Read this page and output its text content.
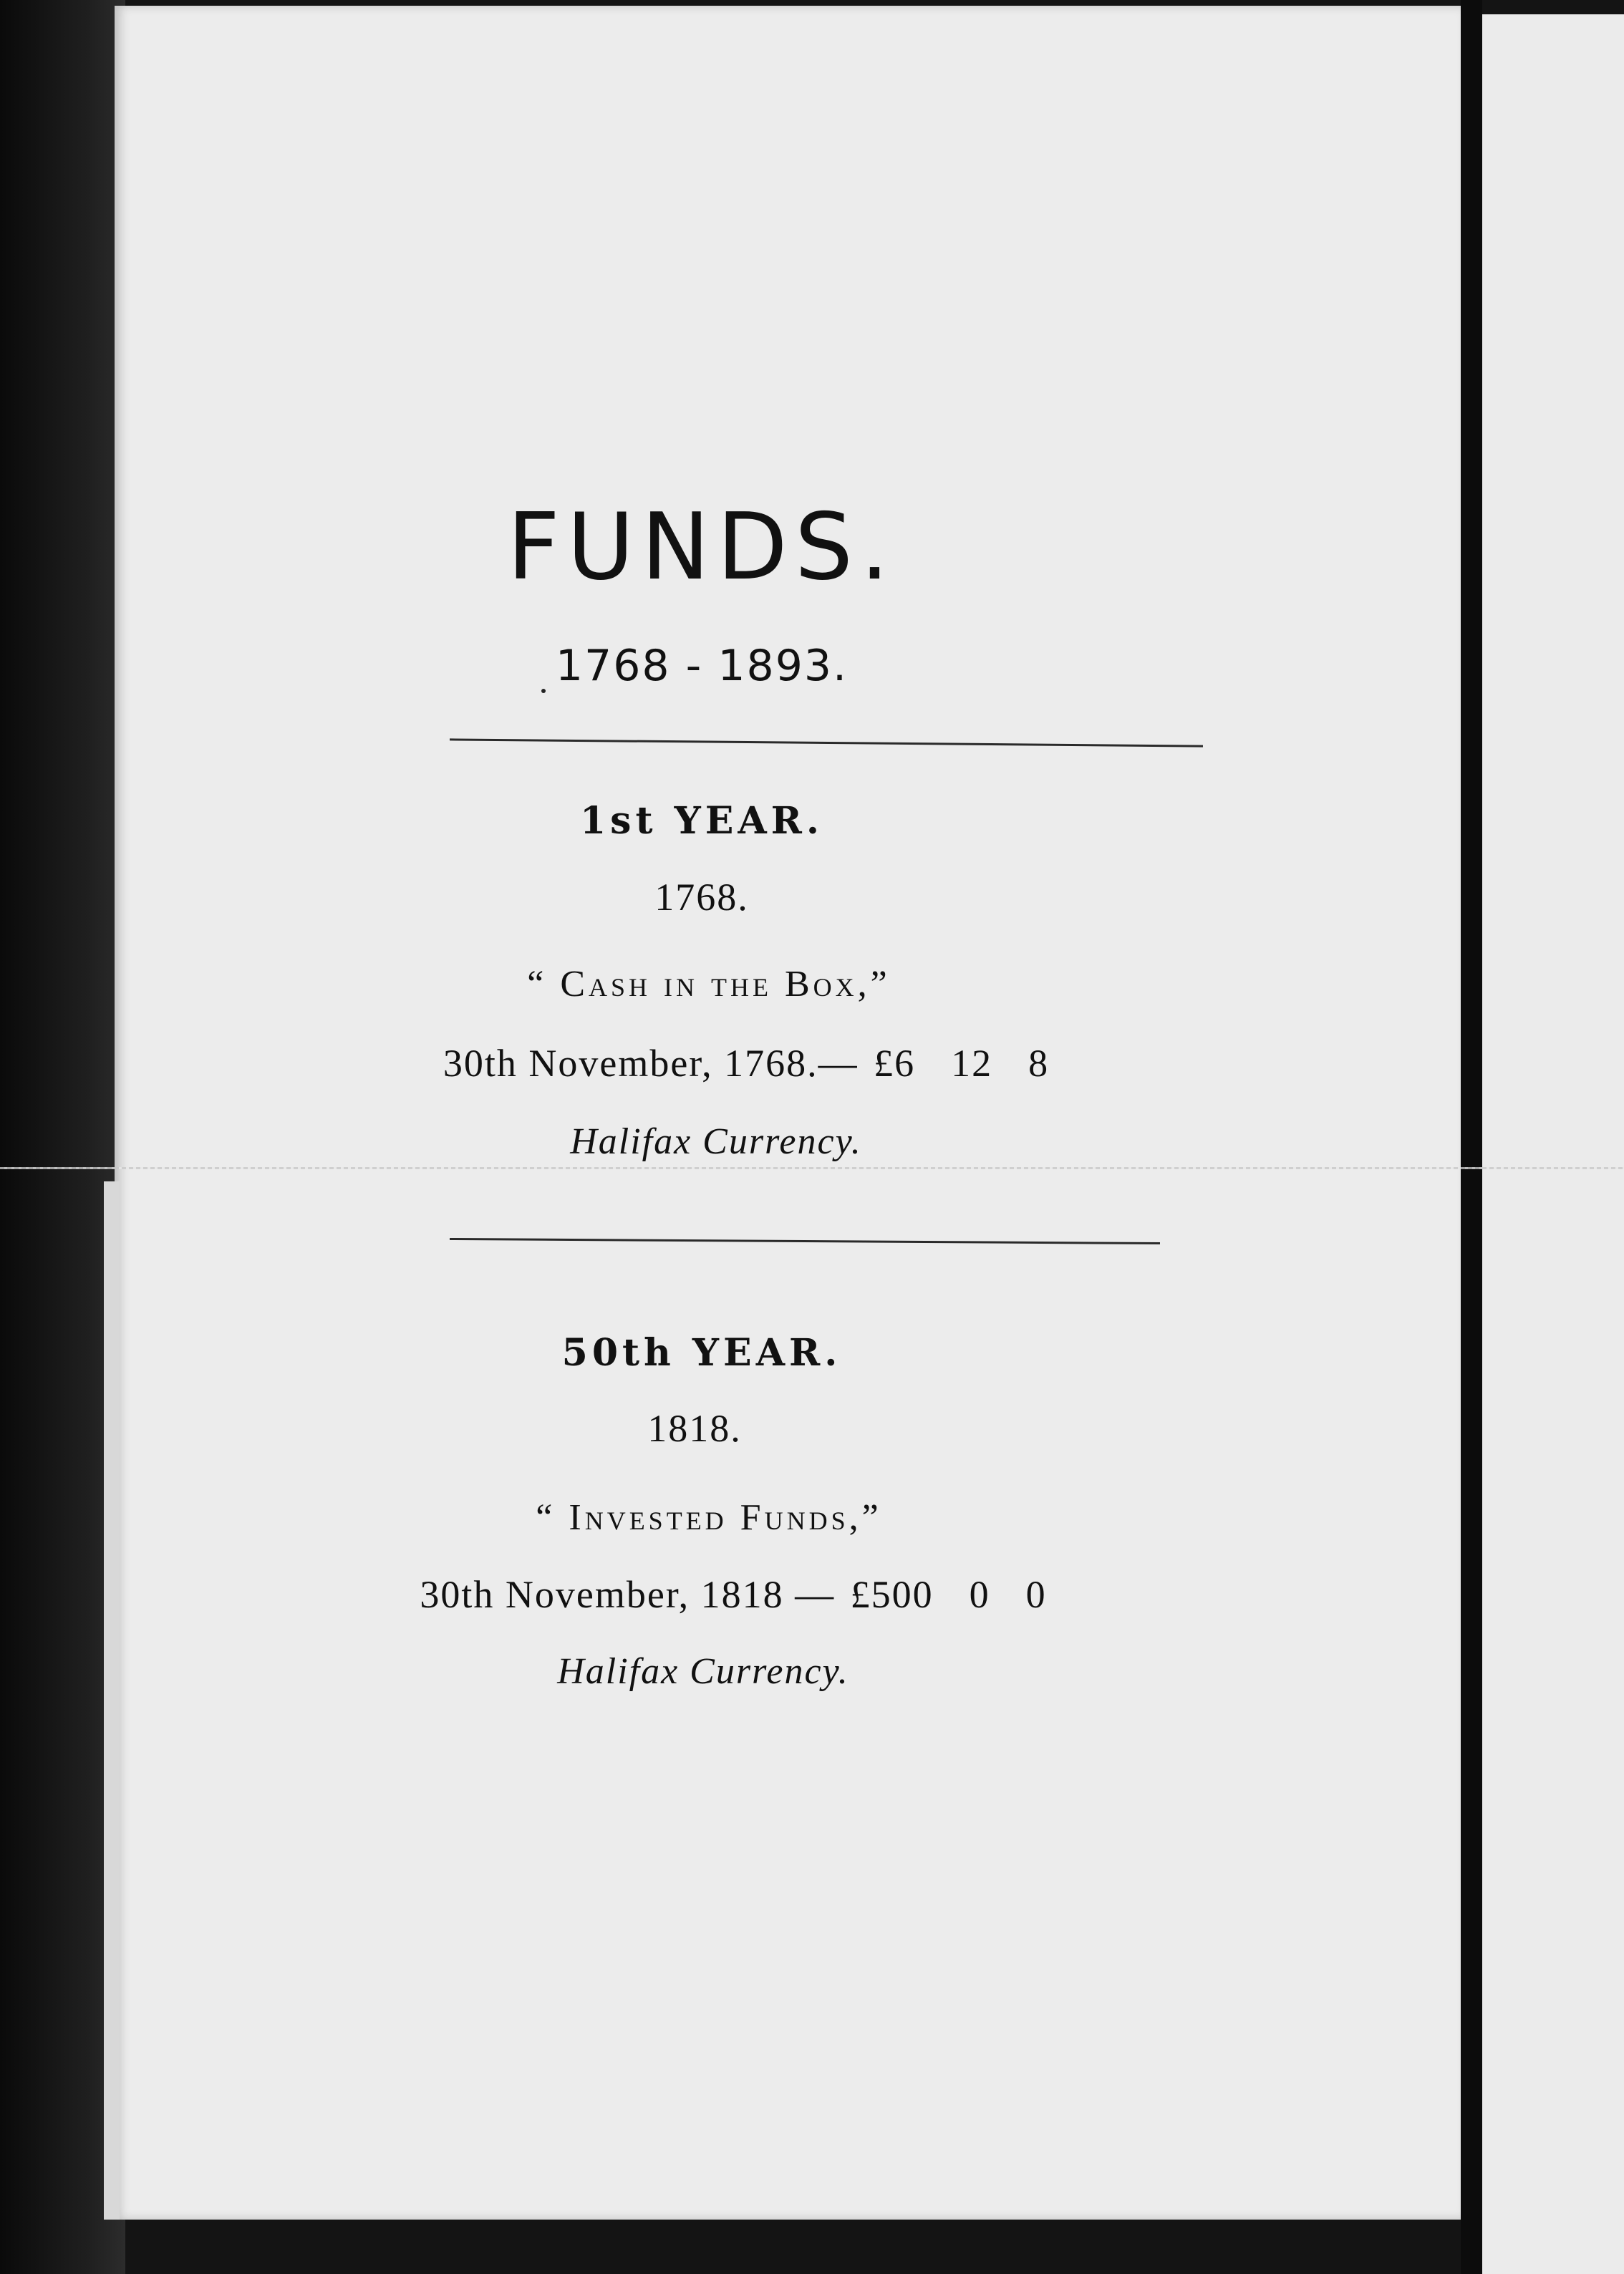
FUNDS.
1768 - 1893.
1st YEAR.
1768.
“ Cash in the Box,”
30th November, 1768.— £6 12 8
Halifax Currency.
50th YEAR.
1818.
“ Invested Funds,”
30th November, 1818 — £500 0 0
Halifax Currency.
